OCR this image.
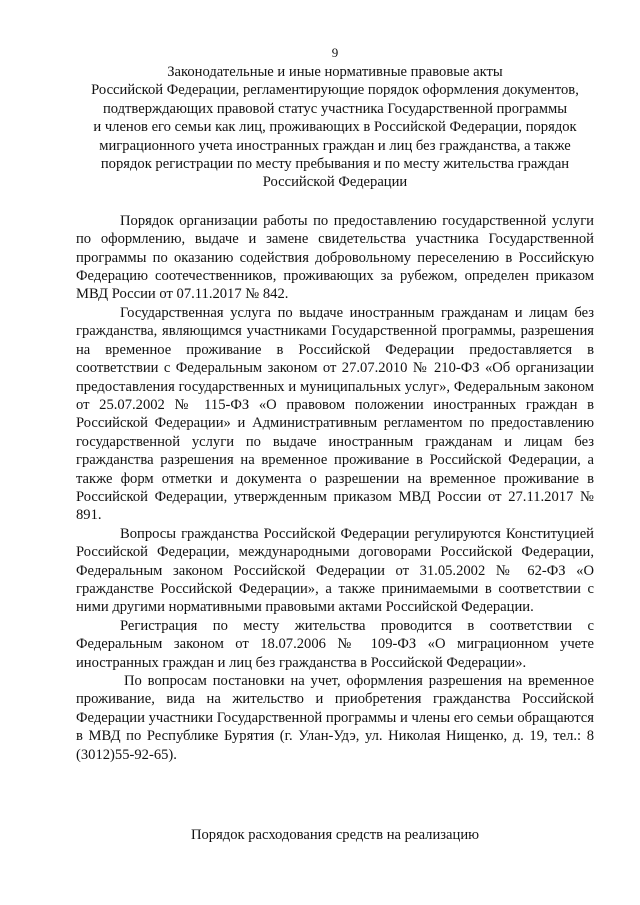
9
Законодательные и иные нормативные правовые акты
Российской Федерации, регламентирующие порядок оформления документов,
подтверждающих правовой статус участника Государственной программы
и членов его семьи как лиц, проживающих в Российской Федерации, порядок
миграционного учета иностранных граждан и лиц без гражданства, а также
порядок регистрации по месту пребывания и по месту жительства граждан
Российской Федерации

Порядок организации работы по предоставлению государственной услуги по оформлению, выдаче и замене свидетельства участника Государственной программы по оказанию содействия добровольному переселению в Российскую Федерацию соотечественников, проживающих за рубежом, определен приказом МВД России от 07.11.2017 № 842.

Государственная услуга по выдаче иностранным гражданам и лицам без гражданства, являющимся участниками Государственной программы, разрешения на временное проживание в Российской Федерации предоставляется в соответствии с Федеральным законом от 27.07.2010 № 210-ФЗ «Об организации предоставления государственных и муниципальных услуг», Федеральным законом от 25.07.2002 № 115-ФЗ «О правовом положении иностранных граждан в Российской Федерации» и Административным регламентом по предоставлению государственной услуги по выдаче иностранным гражданам и лицам без гражданства разрешения на временное проживание в Российской Федерации, а также форм отметки и документа о разрешении на временное проживание в Российской Федерации, утвержденным приказом МВД России от 27.11.2017 № 891.

Вопросы гражданства Российской Федерации регулируются Конституцией Российской Федерации, международными договорами Российской Федерации, Федеральным законом Российской Федерации от 31.05.2002 № 62-ФЗ «О гражданстве Российской Федерации», а также принимаемыми в соответствии с ними другими нормативными правовыми актами Российской Федерации.

Регистрация по месту жительства проводится в соответствии с Федеральным законом от 18.07.2006 № 109-ФЗ «О миграционном учете иностранных граждан и лиц без гражданства в Российской Федерации».

По вопросам постановки на учет, оформления разрешения на временное проживание, вида на жительство и приобретения гражданства Российской Федерации участники Государственной программы и члены его семьи обращаются в МВД по Республике Бурятия (г. Улан-Удэ, ул. Николая Нищенко, д. 19, тел.: 8 (3012)55-92-65).

Порядок расходования средств на реализацию
